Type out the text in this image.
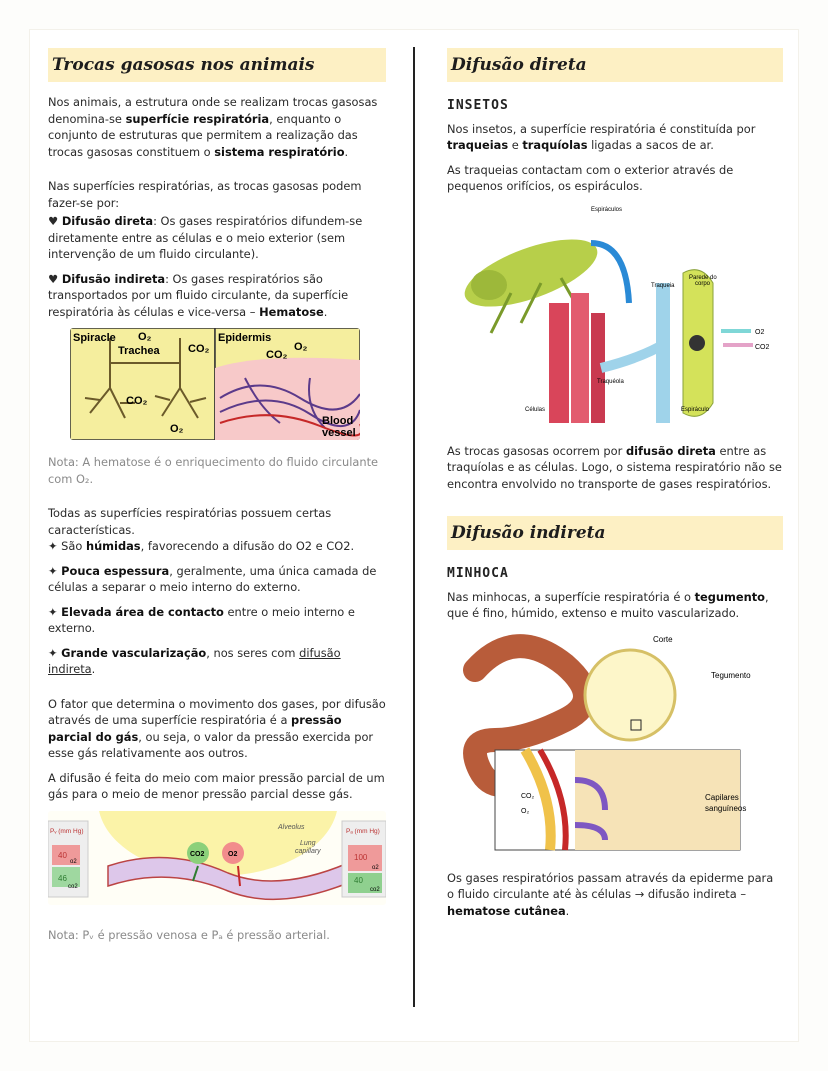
Trocas gasosas nos animais

Nos animais, a estrutura onde se realizam trocas gasosas denomina-se superfície respiratória, enquanto o conjunto de estruturas que permitem a realização das trocas gasosas constituem o sistema respiratório.

Nas superfícies respiratórias, as trocas gasosas podem fazer-se por:

♥ Difusão direta: Os gases respiratórios difundem-se diretamente entre as células e o meio exterior (sem intervenção de um fluido circulante).

♥ Difusão indireta: Os gases respiratórios são transportados por um fluido circulante, da superfície respiratória às células e vice-versa – Hematose.

Spiracle O₂
Trachea	CO₂
CO₂
O₂
Epidermis
CO₂
O₂
Blood
vessel

Nota: A hematose é o enriquecimento do fluido circulante com O₂.

Todas as superfícies respiratórias possuem certas características.

✦ São húmidas, favorecendo a difusão do O2 e CO2.

✦ Pouca espessura, geralmente, uma única camada de células a separar o meio interno do externo.

✦ Elevada área de contacto entre o meio interno e externo.

✦ Grande vascularização, nos seres com difusão indireta.

O fator que determina o movimento dos gases, por difusão através de uma superfície respiratória é a pressão parcial do gás, ou seja, o valor da pressão exercida por esse gás relativamente aos outros.

A difusão é feita do meio com maior pressão parcial de um gás para o meio de menor pressão parcial desse gás.

Alveolus
Lung
capillary
Pᵥ (mm Hg)	Pₐ (mm Hg)
40
o2
46
co2
100
o2
40
co2
CO2	O2

Nota: Pᵥ é pressão venosa e Pₐ é pressão arterial.

Difusão direta
INSETOS

Nos insetos, a superfície respiratória é constituída por traqueias e traquíolas ligadas a sacos de ar.

As traqueias contactam com o exterior através de pequenos orifícios, os espiráculos.

Espiráculos
Traqueia
Parede do
corpo
O2
CO2
Traquéola
Células	Espiráculo

As trocas gasosas ocorrem por difusão direta entre as traquíolas e as células. Logo, o sistema respiratório não se encontra envolvido no transporte de gases respiratórios.

Difusão indireta
MINHOCA

Nas minhocas, a superfície respiratória é o tegumento, que é fino, húmido, extenso e muito vascularizado.

Corte
Tegumento
Capilares
sanguíneos
CO₂
O₂

Os gases respiratórios passam através da epiderme para o fluido circulante até às células → difusão indireta – hematose cutânea.
